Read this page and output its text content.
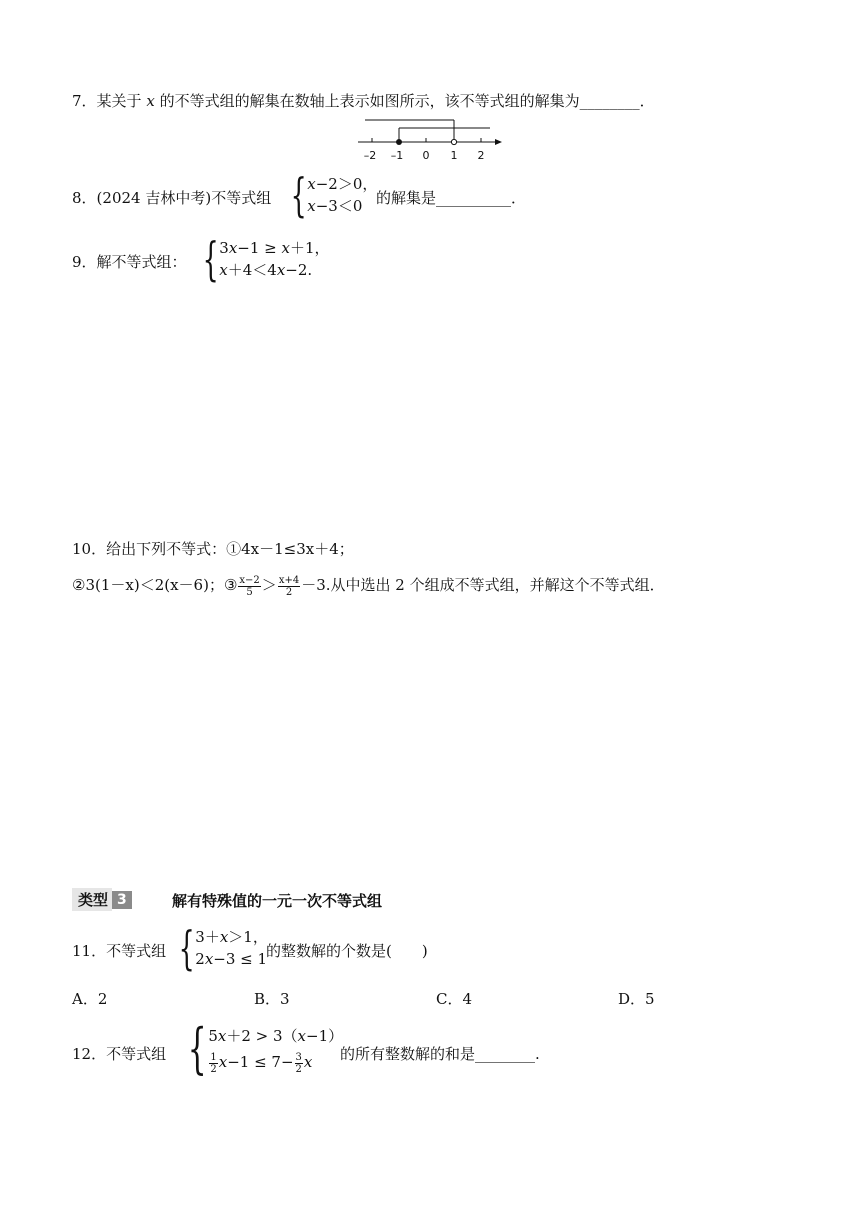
7．某关于 x 的不等式组的解集在数轴上表示如图所示，该不等式组的解集为________．
–2 –1 0 1 2
8．(2024 吉林中考)不等式组 { 𝑥−2＞0，
𝑥−3＜0 的解集是__________．
9．解不等式组： { 3𝑥−1 ≥ 𝑥＋1，
𝑥＋4＜4𝑥−2.
10．给出下列不等式：①4x－1≤3x＋4；
②3(1－x)＜2(x－6)；③ $\frac{x-2}{5} > \frac{x+4}{2} -3$.从中选出 2 个组成不等式组，并解这个不等式组．
类型 3	解有特殊值的一元一次不等式组
11．不等式组 { 3＋𝑥＞1，
2𝑥−3 ≤ 1
的整数解的个数是(　　)
A．2	B．3	C．4	D．5
12．不等式组 { 5𝑥＋2 > 3（𝑥−1）
$\frac{1}{2}$ 𝑥−1 ≤ $7- \frac{3}{2}$ 𝑥	的所有整数解的和是________.
